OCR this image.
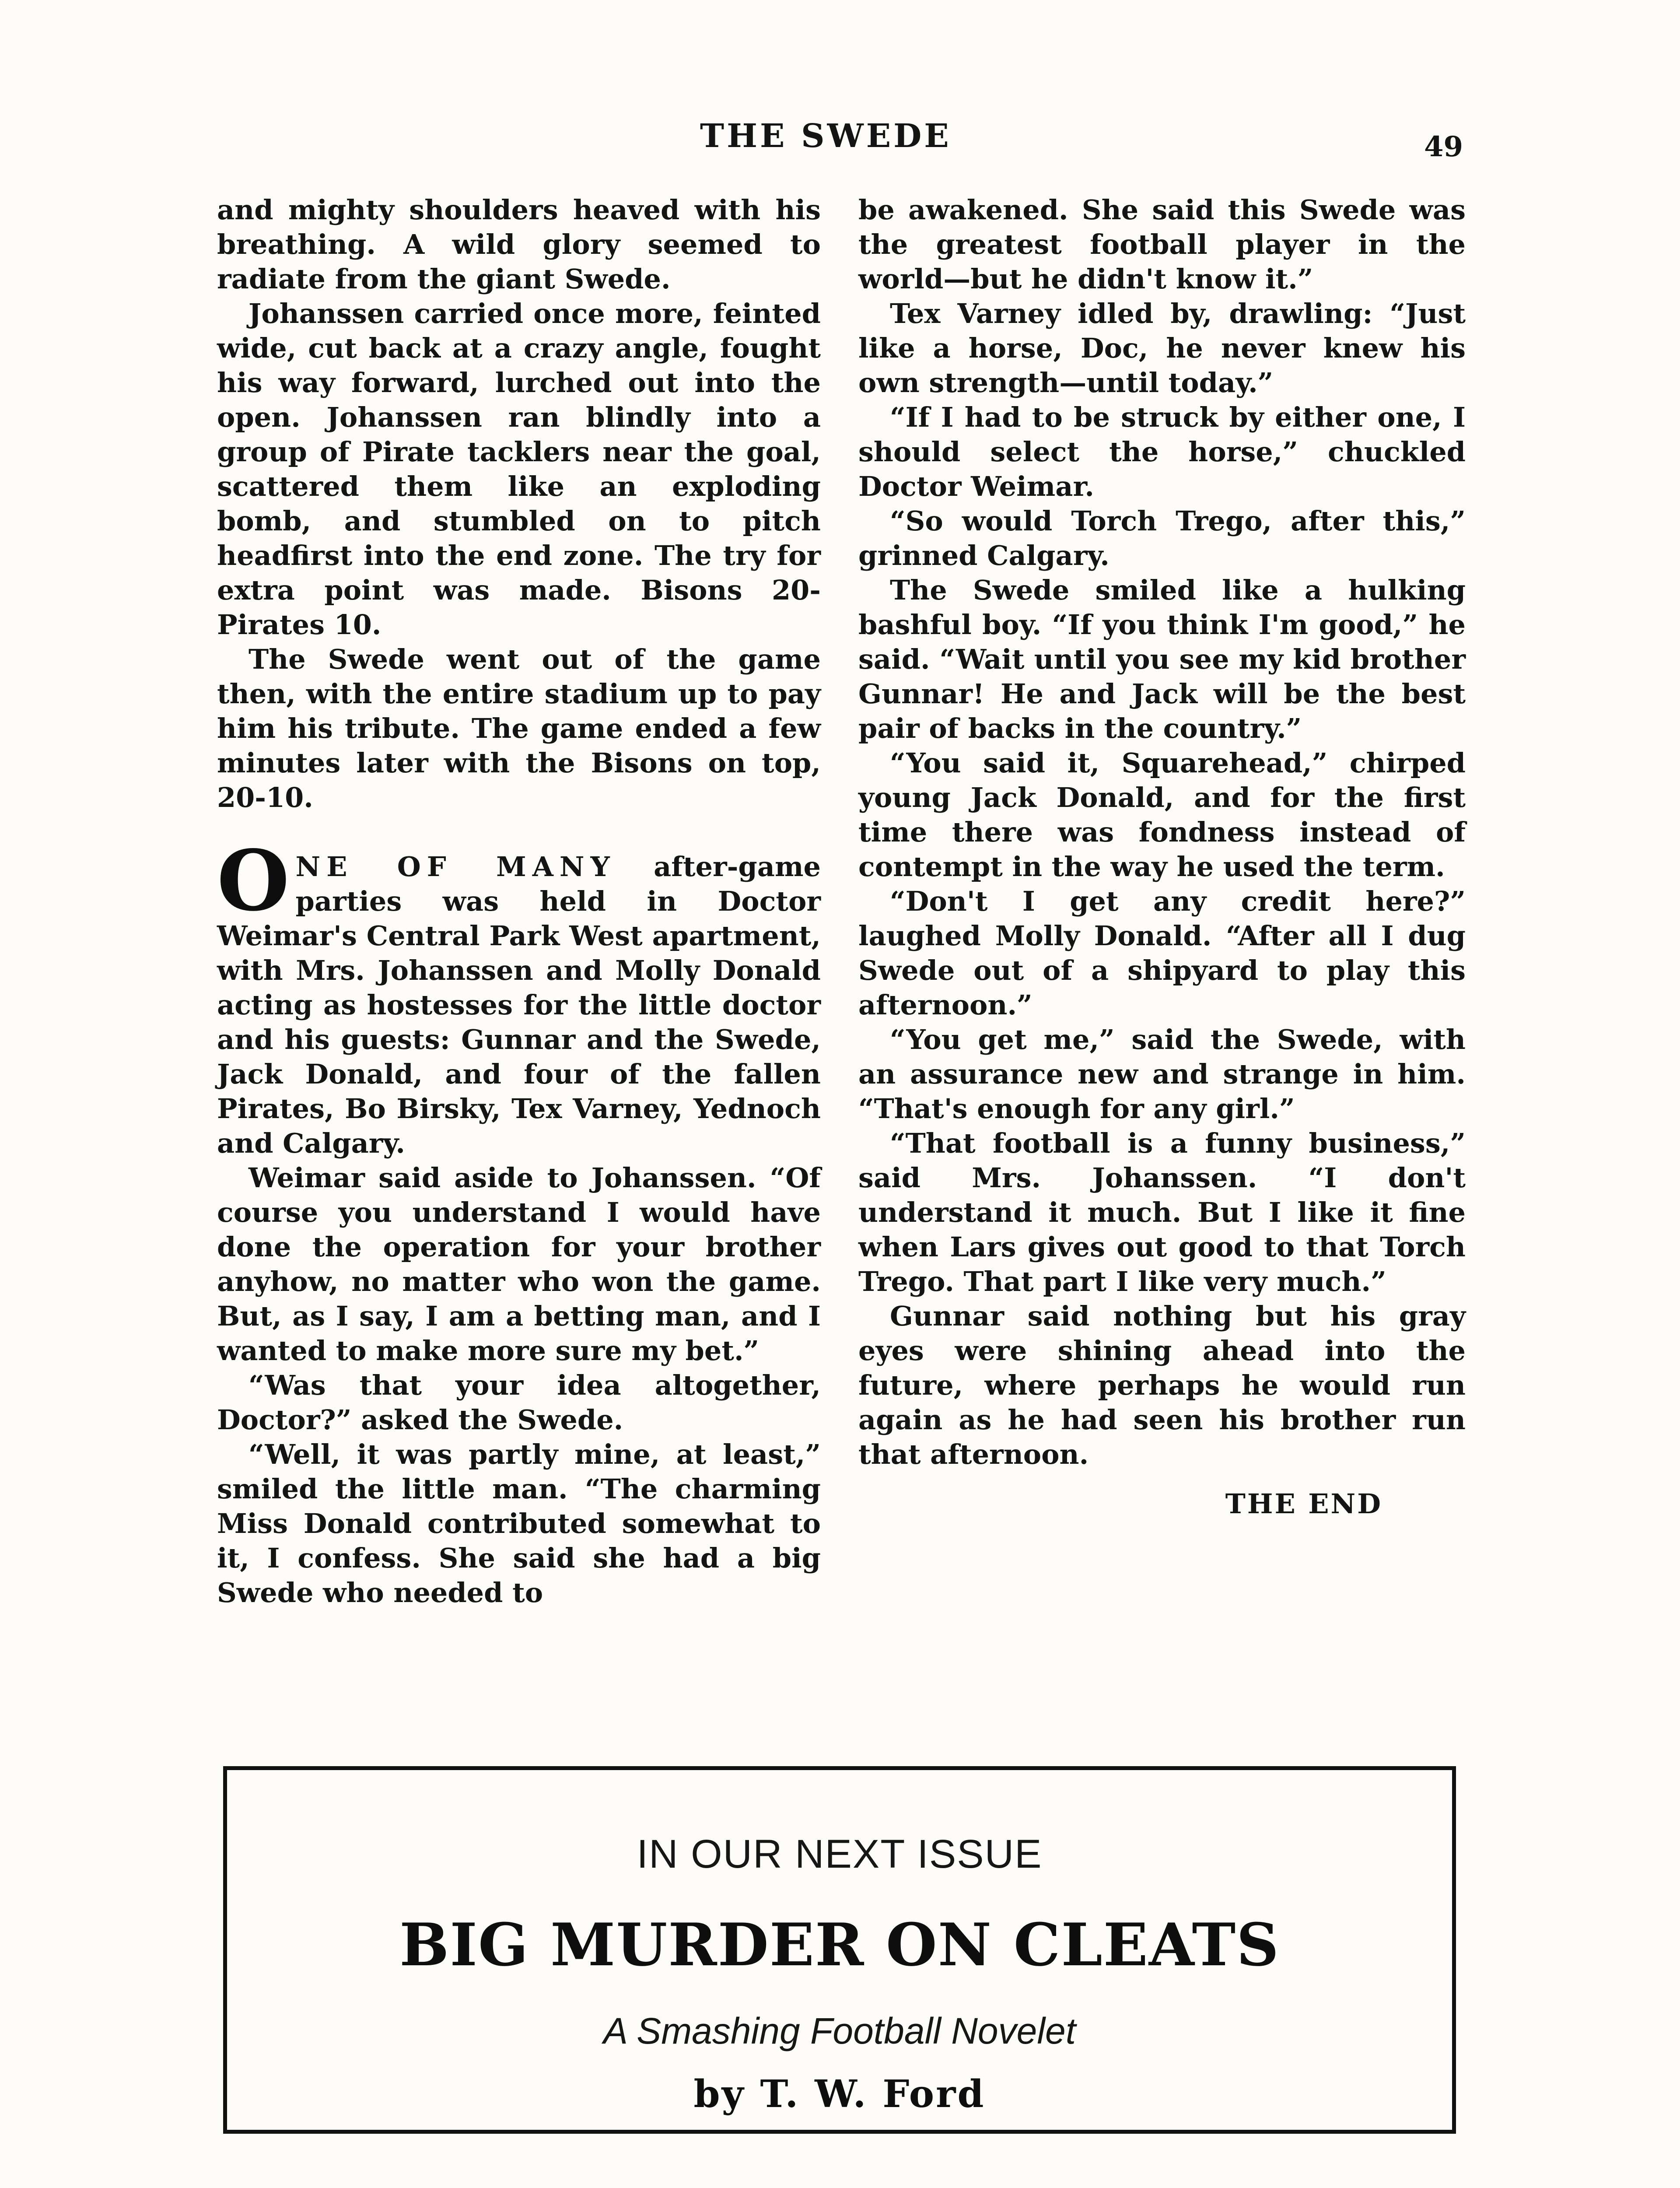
THE SWEDE	49

and mighty shoulders heaved with his breathing. A wild glory seemed to radiate from the giant Swede.

Johanssen carried once more, feinted wide, cut back at a crazy angle, fought his way forward, lurched out into the open. Johanssen ran blindly into a group of Pirate tacklers near the goal, scattered them like an exploding bomb, and stumbled on to pitch headfirst into the end zone. The try for extra point was made. Bisons 20-Pirates 10.

The Swede went out of the game then, with the entire stadium up to pay him his tribute. The game ended a few minutes later with the Bisons on top, 20-10.

ONE OF MANY after-game parties was held in Doctor Weimar's Central Park West apartment, with Mrs. Johanssen and Molly Donald acting as hostesses for the little doctor and his guests: Gunnar and the Swede, Jack Donald, and four of the fallen Pirates, Bo Birsky, Tex Varney, Yednoch and Calgary.

Weimar said aside to Johanssen. “Of course you understand I would have done the operation for your brother anyhow, no matter who won the game. But, as I say, I am a betting man, and I wanted to make more sure my bet.”

“Was that your idea altogether, Doctor?” asked the Swede.

“Well, it was partly mine, at least,” smiled the little man. “The charming Miss Donald contributed somewhat to it, I confess. She said she had a big Swede who needed to

be awakened. She said this Swede was the greatest football player in the world—but he didn't know it.”

Tex Varney idled by, drawling: “Just like a horse, Doc, he never knew his own strength—until today.”

“If I had to be struck by either one, I should select the horse,” chuckled Doctor Weimar.

“So would Torch Trego, after this,” grinned Calgary.

The Swede smiled like a hulking bashful boy. “If you think I'm good,” he said. “Wait until you see my kid brother Gunnar! He and Jack will be the best pair of backs in the country.”

“You said it, Squarehead,” chirped young Jack Donald, and for the first time there was fondness instead of contempt in the way he used the term.

“Don't I get any credit here?” laughed Molly Donald. “After all I dug Swede out of a shipyard to play this afternoon.”

“You get me,” said the Swede, with an assurance new and strange in him. “That's enough for any girl.”

“That football is a funny business,” said Mrs. Johanssen. “I don't understand it much. But I like it fine when Lars gives out good to that Torch Trego. That part I like very much.”

Gunnar said nothing but his gray eyes were shining ahead into the future, where perhaps he would run again as he had seen his brother run that afternoon.

THE END
IN OUR NEXT ISSUE
BIG MURDER ON CLEATS
A Smashing Football Novelet
by T. W. Ford
